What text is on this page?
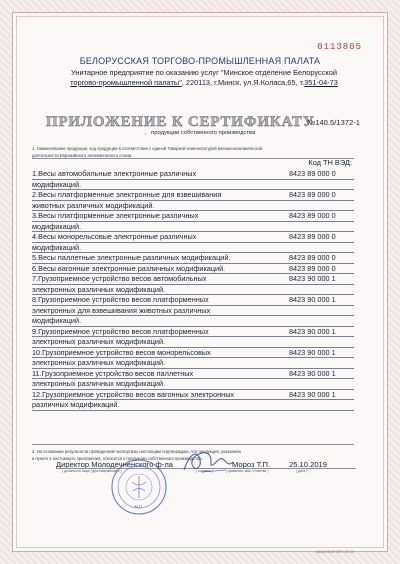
0113805
БЕЛОРУССКАЯ ТОРГОВО-ПРОМЫШЛЕННАЯ ПАЛАТА
Унитарное предприятие по оказанию услуг "Минское отделение Белорусской
торгово-промышленной палаты", 220113, г.Минск, ул.Я.Коласа,65, т.351-04-73
ПРИЛОЖЕНИЕ К СЕРТИФИКАТУ
№140.5/1372-1
, продукции собственного производства
1. Наименование продукции, код продукции в соответствии с единой Товарной номенклатурой внешнеэкономической
деятельности Евразийского экономического союза
Код ТН ВЭД:
1.Весы автомобильные электронные различных
модификаций.
8423 89 000 0
2.Весы платформенные электронные для взвешивания
животных различных модификаций.
8423 89 000 0
3.Весы платформенные электронные различных
модификаций.
8423 89 000 0
4.Весы монорельсовые электронные различных
модификаций.
8423 89 000 0
5.Весы паллетные электронные различных модификаций.	8423 89 000 0
6.Весы вагонные электронные различных модификаций.	8423 89 000 0
7.Грузоприемное устройство весов автомобильных
электронных различных модификаций.
8423 90 000 1
8.Грузоприемное устройство весов платформенных
электронных для взвешивания животных различных
модификаций.
8423 90 000 1
9.Грузоприемное устройство весов платформенных
электронных различных модификаций.
8423 90 000 1
10.Грузоприемное устройство весов монорельсовых
электронных различных модификаций.
8423 90 000 1
11.Грузоприемное устройство весов паллетных
электронных различных модификаций.
8423 90 000 1
12.Грузоприемное устройство весов вагонных электронных
различных модификаций.
8423 90 000 1
2. На основании результатов проведенной экспертизы настоящим подтверждаю, что продукция, указанная
в пункте 1 настоящего приложения, относится к продукции собственного производства.
Директор Молодечненского ф-ла	Мороз Т.П. 25.10.2019
( должность лица, удостоверяющего )	( подпись )	( фамилия, имя, отчество )	( дата )
М.П.
ЗАКАЗ 2019 ТИП. 22 ХХ
